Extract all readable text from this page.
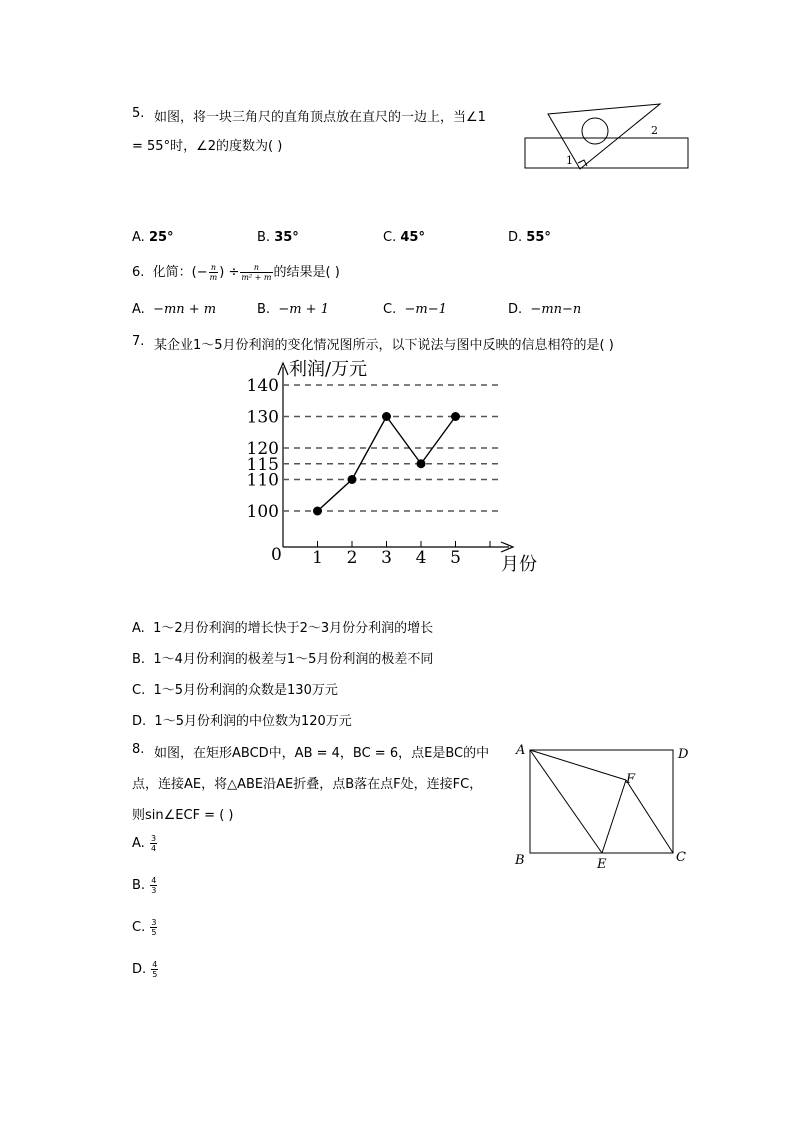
5. 如图，将一块三角尺的直角顶点放在直尺的一边上，当∠1
= 55°时，∠2的度数为( )
1
2
A. 25°	B. 35°	C. 45°	D. 55°
6. 化简：(− $\frac{n}{m}$ ) ÷ $\frac{n}{\text{m² + m}}$ 的结果是( )
A. −mn + m	B. −m + 1	C. −m−1	D. −mn−n
7. 某企业1～5月份利润的变化情况图所示，以下说法与图中反映的信息相符的是( )
利润/万元
月份
0
100
110
115
120
130
140
1 2 3 4 5
A. 1～2月份利润的增长快于2～3月份分利润的增长
B. 1～4月份利润的极差与1～5月份利润的极差不同
C. 1～5月份利润的众数是130万元
D. 1～5月份利润的中位数为120万元
8. 如图，在矩形ABCD中，AB = 4，BC = 6，点E是BC的中
点，连接AE，将△ABE沿AE折叠，点B落在点F处，连接FC，
则sin∠ECF = ( )
A	D
B	C
E
F
A. $\frac{3}{4}$
B. $\frac{4}{3}$
C. $\frac{3}{5}$
D. $\frac{4}{5}$
